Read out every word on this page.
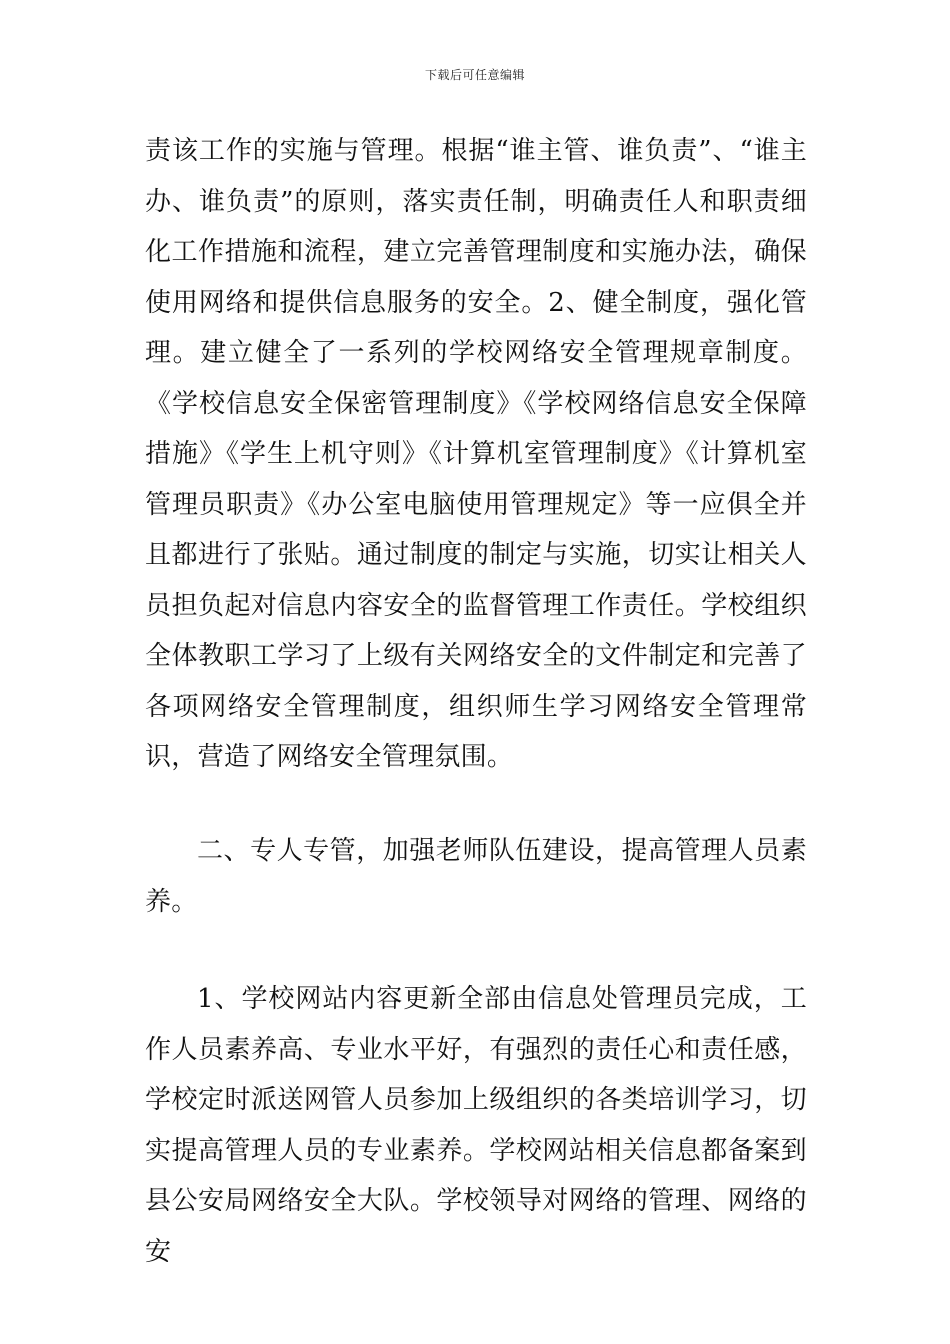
下载后可任意编辑

责该工作的实施与管理。根据“谁主管、谁负责”、“谁主办、谁负责”的原则，落实责任制，明确责任人和职责细化工作措施和流程，建立完善管理制度和实施办法，确保使用网络和提供信息服务的安全。2、健全制度，强化管理。建立健全了一系列的学校网络安全管理规章制度。《学校信息安全保密管理制度》《学校网络信息安全保障措施》《学生上机守则》《计算机室管理制度》《计算机室管理员职责》《办公室电脑使用管理规定》等一应俱全并且都进行了张贴。通过制度的制定与实施，切实让相关人员担负起对信息内容安全的监督管理工作责任。学校组织全体教职工学习了上级有关网络安全的文件制定和完善了各项网络安全管理制度，组织师生学习网络安全管理常识，营造了网络安全管理氛围。

二、专人专管，加强老师队伍建设，提高管理人员素养。

1、学校网站内容更新全部由信息处管理员完成，工作人员素养高、专业水平好，有强烈的责任心和责任感，学校定时派送网管人员参加上级组织的各类培训学习，切实提高管理人员的专业素养。学校网站相关信息都备案到县公安局网络安全大队。学校领导对网络的管理、网络的安
